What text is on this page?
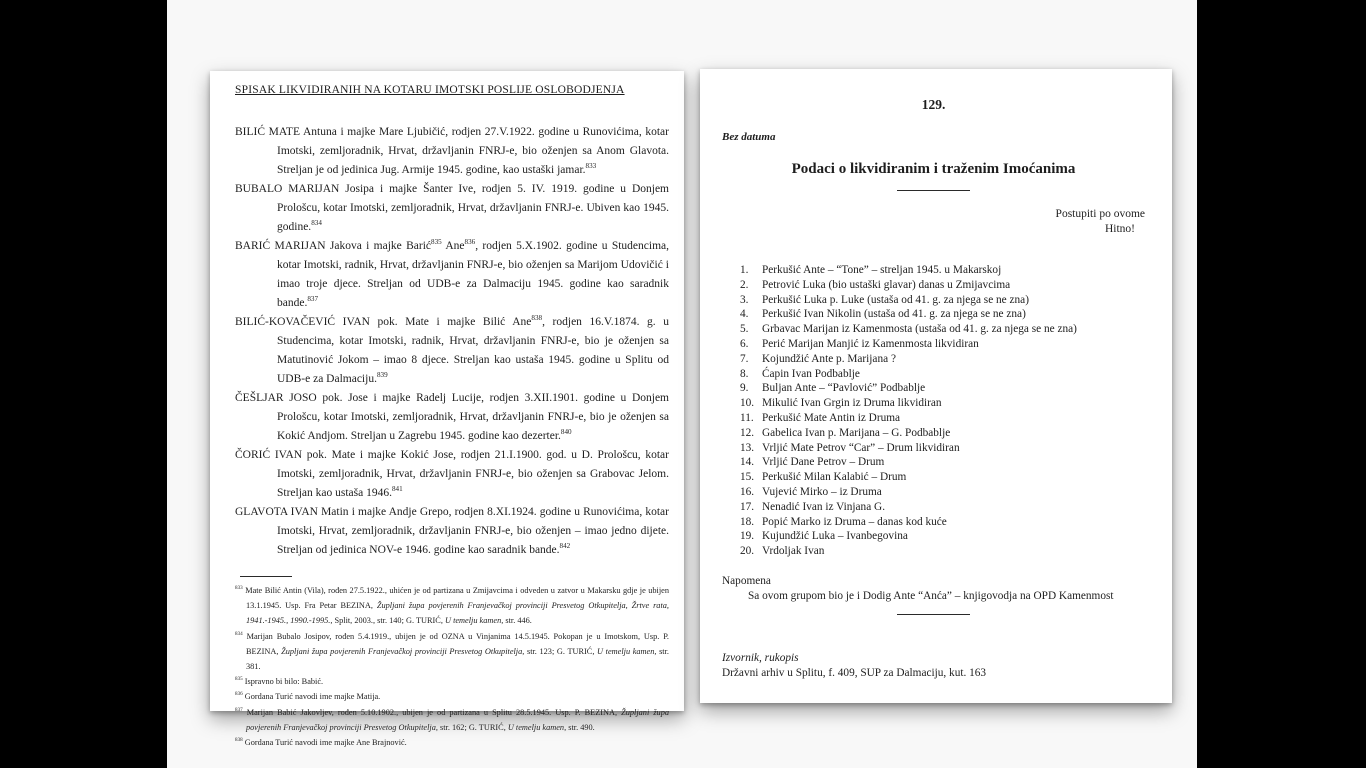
SPISAK LIKVIDIRANIH NA KOTARU IMOTSKI POSLIJE OSLOBODJENJA
BILIĆ MATE Antuna i majke Mare Ljubičić, rodjen 27.V.1922. godine u Runovićima, kotar Imotski, zemljoradnik, Hrvat, državljanin FNRJ-e, bio oženjen sa Anom Glavota. Streljan je od jedinica Jug. Armije 1945. godine, kao ustaški jamar.$^{833}$
BUBALO MARIJAN Josipa i majke Šanter Ive, rodjen 5. IV. 1919. godine u Donjem Prološcu, kotar Imotski, zemljoradnik, Hrvat, državljanin FNRJ-e. Ubiven kao 1945. godine.$^{834}$
BARIĆ MARIJAN Jakova i majke Barić$^{835}$ Ane$^{836}$, rodjen 5.X.1902. godine u Studencima, kotar Imotski, radnik, Hrvat, državljanin FNRJ-e, bio oženjen sa Marijom Udovičić i imao troje djece. Streljan od UDB-e za Dalmaciju 1945. godine kao saradnik bande.$^{837}$
BILIĆ-KOVAČEVIĆ IVAN pok. Mate i majke Bilić Ane$^{838}$, rodjen 16.V.1874. g. u Studencima, kotar Imotski, radnik, Hrvat, državljanin FNRJ-e, bio je oženjen sa Matutinović Jokom – imao 8 djece. Streljan kao ustaša 1945. godine u Splitu od UDB-e za Dalmaciju.$^{839}$
ČEŠLJAR JOSO pok. Jose i majke Radelj Lucije, rodjen 3.XII.1901. godine u Donjem Prološcu, kotar Imotski, zemljoradnik, Hrvat, državljanin FNRJ-e, bio je oženjen sa Kokić Andjom. Streljan u Zagrebu 1945. godine kao dezerter.$^{840}$
ČORIĆ IVAN pok. Mate i majke Kokić Jose, rodjen 21.I.1900. god. u D. Prološcu, kotar Imotski, zemljoradnik, Hrvat, državljanin FNRJ-e, bio oženjen sa Grabovac Jelom. Streljan kao ustaša 1946.$^{841}$
GLAVOTA IVAN Matin i majke Andje Grepo, rodjen 8.XI.1924. godine u Runovićima, kotar Imotski, Hrvat, zemljoradnik, državljanin FNRJ-e, bio oženjen – imao jedno dijete. Streljan od jedinica NOV-e 1946. godine kao saradnik bande.$^{842}$
$^{833}$ Mate Bilić Antin (Vila), rođen 27.5.1922., uhićen je od partizana u Zmijavcima i odveden u zatvor u Makarsku gdje je ubijen 13.1.1945. Usp. Fra Petar BEZINA, Župljani župa povjerenih Franjevačkoj provinciji Presvetog Otkupitelja, Žrtve rata, 1941.-1945., 1990.-1995., Split, 2003., str. 140; G. TURIĆ, U temelju kamen, str. 446.
$^{834}$ Marijan Bubalo Josipov, rođen 5.4.1919., ubijen je od OZNA u Vinjanima 14.5.1945. Pokopan je u Imotskom, Usp. P. BEZINA, Župljani župa povjerenih Franjevačkoj provinciji Presvetog Otkupitelja, str. 123; G. TURIĆ, U temelju kamen, str. 381.
$^{835}$ Ispravno bi bilo: Babić.
$^{836}$ Gordana Turić navodi ime majke Matija.
$^{837}$ Marijan Babić Jakovljev, rođen 5.10.1902., ubijen je od partizana u Splitu 28.5.1945. Usp. P. BEZINA, Župljani župa povjerenih Franjevačkoj provinciji Presvetog Otkupitelja, str. 162; G. TURIĆ, U temelju kamen, str. 490.
$^{838}$ Gordana Turić navodi ime majke Ane Brajnović.
129.
Bez datuma
Podaci o likvidiranim i traženim Imoćanima
Postupiti po ovome
Hitno!
1.	Perkušić Ante – “Tone” – streljan 1945. u Makarskoj
2.	Petrović Luka (bio ustaški glavar) danas u Zmijavcima
3.	Perkušić Luka p. Luke (ustaša od 41. g. za njega se ne zna)
4.	Perkušić Ivan Nikolin (ustaša od 41. g. za njega se ne zna)
5.	Grbavac Marijan iz Kamenmosta (ustaša od 41. g. za njega se ne zna)
6.	Perić Marijan Manjić iz Kamenmosta likvidiran
7.	Kojundžić Ante p. Marijana ?
8.	Ćapin Ivan Podbablje
9.	Buljan Ante – “Pavlović” Podbablje
10. Mikulić Ivan Grgin iz Druma likvidiran
11. Perkušić Mate Antin iz Druma
12. Gabelica Ivan p. Marijana – G. Podbablje
13. Vrljić Mate Petrov “Car” – Drum likvidiran
14. Vrljić Dane Petrov – Drum
15. Perkušić Milan Kalabić – Drum
16. Vujević Mirko – iz Druma
17. Nenadić Ivan iz Vinjana G.
18. Popić Marko iz Druma – danas kod kuće
19. Kujundžić Luka – Ivanbegovina
20. Vrdoljak Ivan
Napomena
Sa ovom grupom bio je i Dodig Ante “Anća” – knjigovodja na OPD Kamenmost
Izvornik, rukopis
Državni arhiv u Splitu, f. 409, SUP za Dalmaciju, kut. 163
